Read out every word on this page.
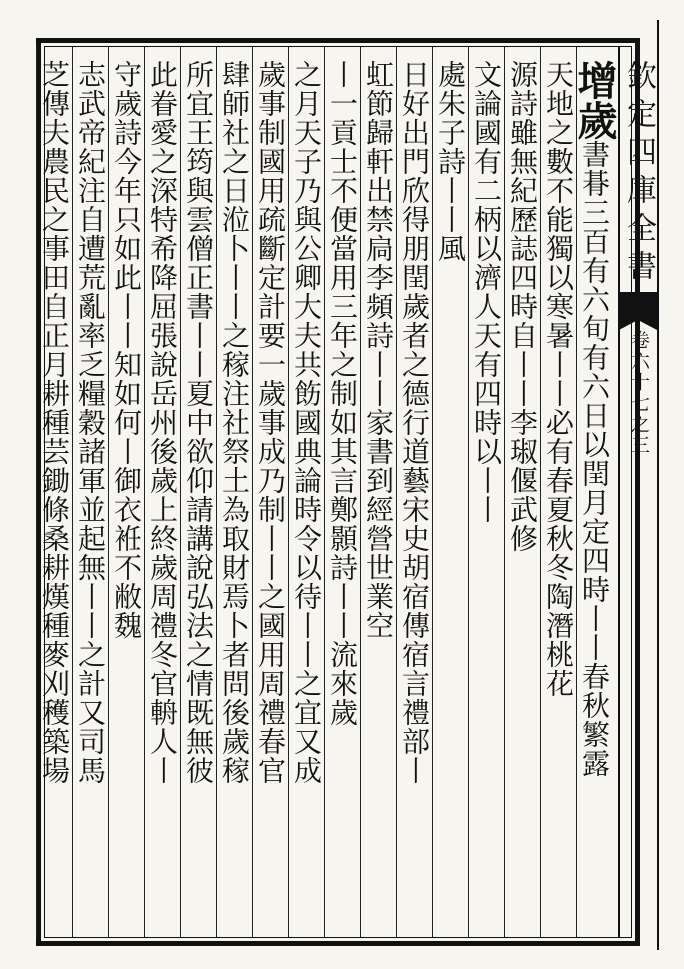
欽定四庫全書
卷六十七之三
增歲書朞三百有六旬有六日以閏月定四時丨丨春秋繁露
天地之數不能獨以寒暑丨丨必有春夏秋冬陶潛桃花
源詩雖無紀歷誌四時自丨丨李琡偃武修
文論國有二柄以濟人天有四時以丨丨
處朱子詩丨丨風
日好出門欣得朋閏歲者之德行道藝宋史胡宿傳宿言禮部丨
虹節歸軒出禁扃李頻詩丨丨家書到經營世業空
丨一貢士不便當用三年之制如其言鄭顥詩丨丨流來歲
之月天子乃與公卿大夫共飭國典論時令以待丨丨之宜又成
歲事制國用疏斷定計要一歲事成乃制丨丨之國用周禮春官
肆師社之日涖卜丨丨之稼注社祭土為取財焉卜者問後歲稼
所宜王筠與雲僧正書丨丨夏中欲仰請講說弘法之情既無彼
此眷愛之深特希降屈張說岳州後歲上終歲周禮冬官輈人丨
守歲詩今年只如此丨丨知如何丨御衣袵不敝魏
志武帝紀注自遭荒亂率乏糧穀諸軍並起無丨丨之計又司馬
芝傳夫農民之事田自正月耕種芸鋤條桑耕熯種麥刈穫築場
